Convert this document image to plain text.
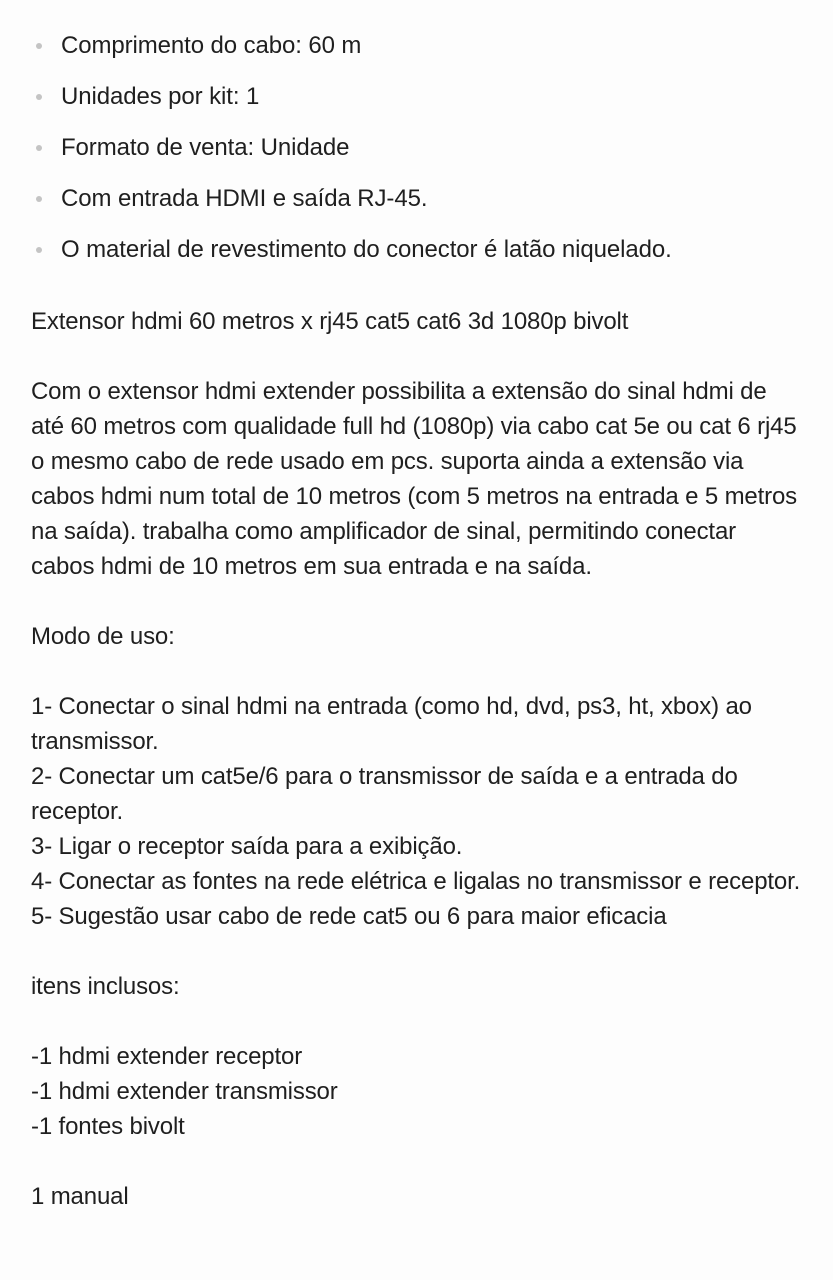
Comprimento do cabo: 60 m
Unidades por kit: 1
Formato de venta: Unidade
Com entrada HDMI e saída RJ-45.
O material de revestimento do conector é latão niquelado.

Extensor hdmi 60 metros x rj45 cat5 cat6 3d 1080p bivolt

Com o extensor hdmi extender possibilita a extensão do sinal hdmi de até 60 metros com qualidade full hd (1080p) via cabo cat 5e ou cat 6 rj45 o mesmo cabo de rede usado em pcs. suporta ainda a extensão via cabos hdmi num total de 10 metros (com 5 metros na entrada e 5 metros na saída). trabalha como amplificador de sinal, permitindo conectar cabos hdmi de 10 metros em sua entrada e na saída.

Modo de uso:

1- Conectar o sinal hdmi na entrada (como hd, dvd, ps3, ht, xbox) ao transmissor.
2- Conectar um cat5e/6 para o transmissor de saída e a entrada do receptor.
3- Ligar o receptor saída para a exibição.
4- Conectar as fontes na rede elétrica e ligalas no transmissor e receptor.
5- Sugestão usar cabo de rede cat5 ou 6 para maior eficacia

itens inclusos:

-1 hdmi extender receptor
-1 hdmi extender transmissor
-1 fontes bivolt

1 manual
